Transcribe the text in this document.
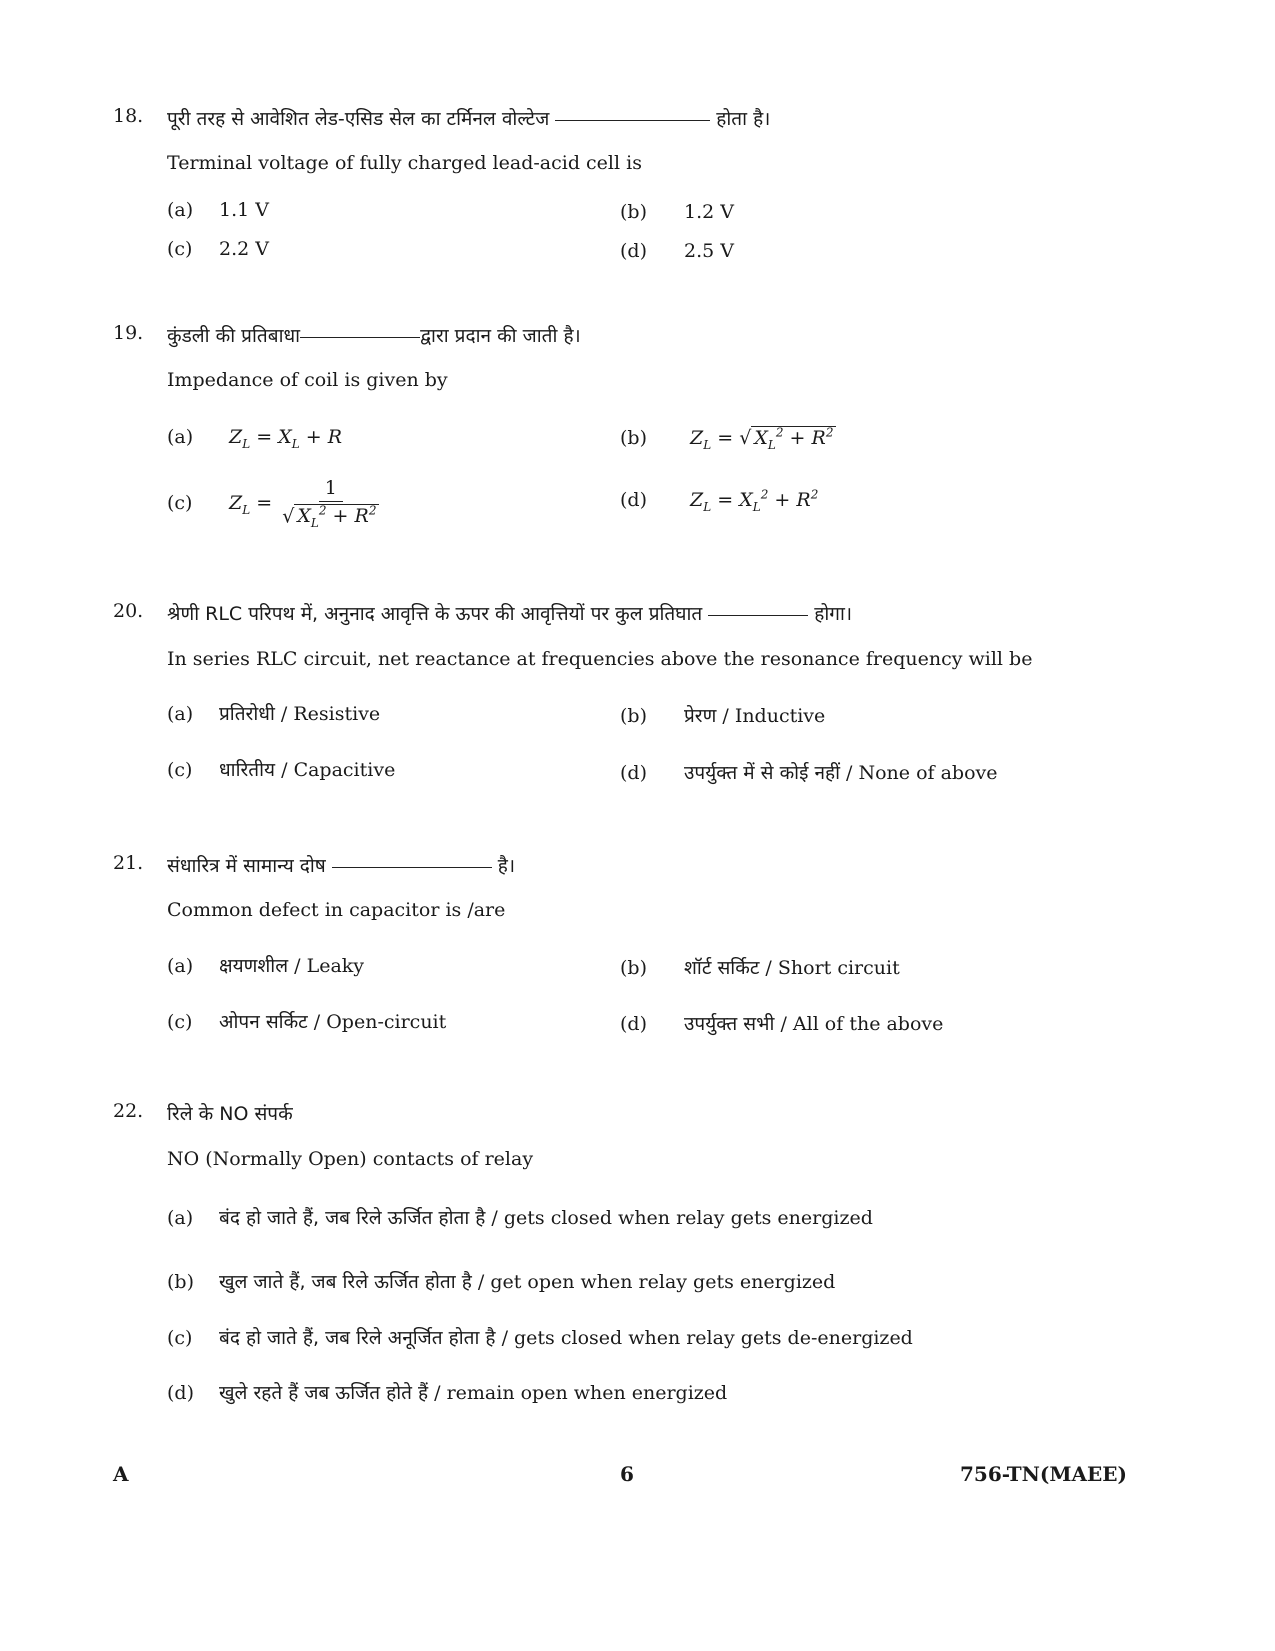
18. पूरी तरह से आवेशित लेड-एसिड सेल का टर्मिनल वोल्टेज	होता है।
Terminal voltage of fully charged lead-acid cell is
(a) 1.1 V	(b) 1.2 V
(c) 2.2 V	(d) 2.5 V
19. कुंडली की प्रतिबाधा	द्वारा प्रदान की जाती है।
Impedance of coil is given by
(a) $Z_L = X_L + R$	(b) $Z_L$ = √ $X_L^2 + R^2$
(c) $Z_L = \frac{1}{√ X_L^2 + R^2}$	(d) $Z_L = X_L^2 + R^2$
20. श्रेणी RLC परिपथ में, अनुनाद आवृत्ति के ऊपर की आवृत्तियों पर कुल प्रतिघात	होगा।
In series RLC circuit, net reactance at frequencies above the resonance frequency will be
(a) प्रतिरोधी / Resistive	(b) प्रेरण / Inductive
(c) धारितीय / Capacitive	(d) उपर्युक्त में से कोई नहीं / None of above
21. संधारित्र में सामान्य दोष	है।
Common defect in capacitor is /are
(a) क्षयणशील / Leaky	(b) शॉर्ट सर्किट / Short circuit
(c) ओपन सर्किट / Open-circuit	(d) उपर्युक्त सभी / All of the above
22. रिले के NO संपर्क
NO (Normally Open) contacts of relay
(a) बंद हो जाते हैं, जब रिले ऊर्जित होता है / gets closed when relay gets energized
(b) खुल जाते हैं, जब रिले ऊर्जित होता है / get open when relay gets energized
(c) बंद हो जाते हैं, जब रिले अनूर्जित होता है / gets closed when relay gets de-energized
(d) खुले रहते हैं जब ऊर्जित होते हैं / remain open when energized
A	6	756-TN(MAEE)
